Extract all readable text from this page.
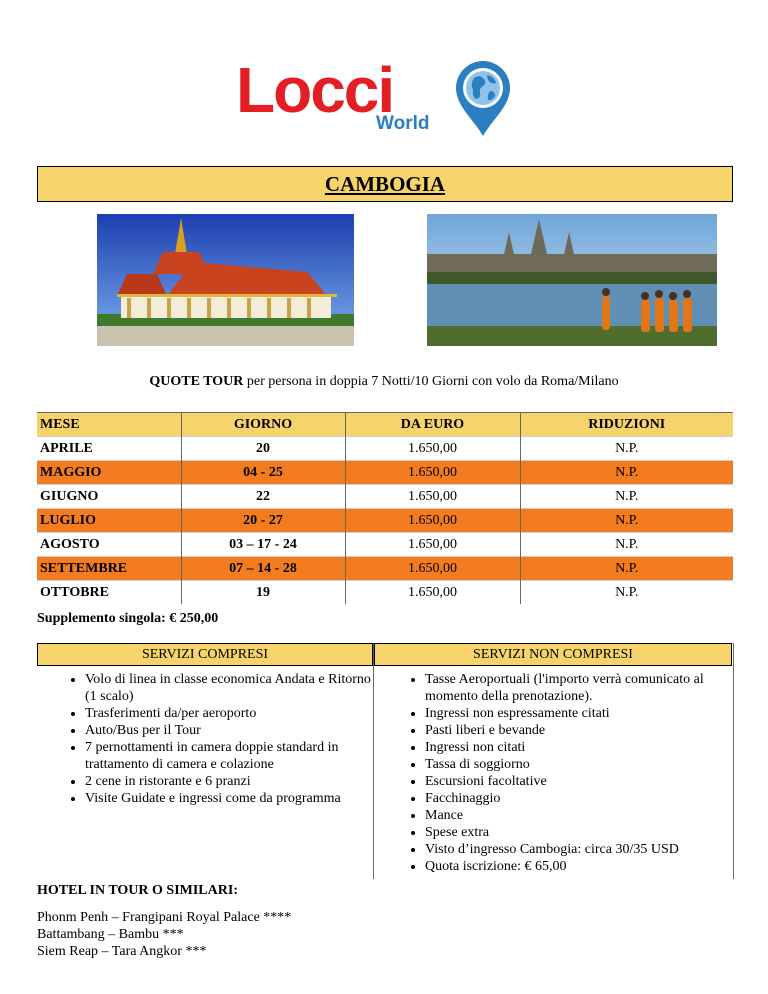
Locci
World
CAMBOGIA
QUOTE TOUR per persona in doppia 7 Notti/10 Giorni con volo da Roma/Milano
MESE	GIORNO	DA EURO	RIDUZIONI
APRILE	20	1.650,00	N.P.
MAGGIO	04 - 25	1.650,00	N.P.
GIUGNO	22	1.650,00	N.P.
LUGLIO	20 - 27	1.650,00	N.P.
AGOSTO	03 – 17 - 24	1.650,00	N.P.
SETTEMBRE	07 – 14 - 28	1.650,00	N.P.
OTTOBRE	19	1.650,00	N.P.
Supplemento singola: € 250,00
SERVIZI COMPRESI
• Volo di linea in classe economica Andata e Ritorno (1 scalo)
• Trasferimenti da/per aeroporto
• Auto/Bus per il Tour
• 7 pernottamenti in camera doppie standard in trattamento di camera e colazione
• 2 cene in ristorante e 6 pranzi
• Visite Guidate e ingressi come da programma
SERVIZI NON COMPRESI
• Tasse Aeroportuali (l'importo verrà comunicato al momento della prenotazione).
• Ingressi non espressamente citati
• Pasti liberi e bevande
• Ingressi non citati
• Tassa di soggiorno
• Escursioni facoltative
• Facchinaggio
• Mance
• Spese extra
• Visto d’ingresso Cambogia: circa 30/35 USD
• Quota iscrizione: € 65,00
HOTEL IN TOUR O SIMILARI:
Phonm Penh – Frangipani Royal Palace ****
Battambang – Bambu ***
Siem Reap – Tara Angkor ***
